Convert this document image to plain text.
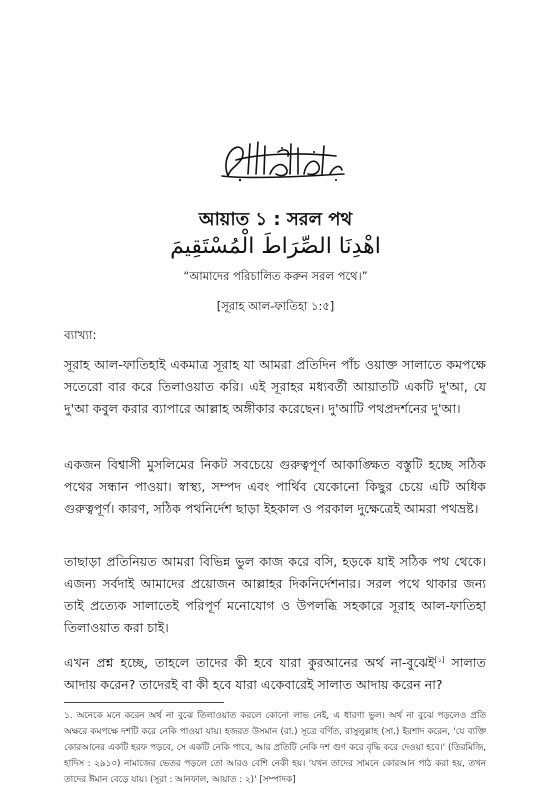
আয়াত ১ : সরল পথ
اهْدِنَا الصِّرَاطَ الْمُسْتَقِيمَ
“আমাদের পরিচালিত করুন সরল পথে।”
[সূরাহ আল-ফাতিহা ১:৫]
ব্যাখ্যা:
সূরাহ আল-ফাতিহাই একমাত্র সূরাহ যা আমরা প্রতিদিন পাঁচ ওয়াক্ত সালাতে কমপক্ষে সতেরো বার করে তিলাওয়াত করি। এই সূরাহর মধ্যবর্তী আয়াতটি একটি দু'আ, যে দু'আ কবুল করার ব্যাপারে আল্লাহ অঙ্গীকার করেছেন। দু'আটি পথপ্রদর্শনের দু'আ।
একজন বিশ্বাসী মুসলিমের নিকট সবচেয়ে গুরুত্বপূর্ণ আকাঙ্ক্ষিত বস্তুটি হচ্ছে সঠিক পথের সন্ধান পাওয়া। স্বাস্থ্য, সম্পদ এবং পার্থিব যেকোনো কিছুর চেয়ে এটি অধিক গুরুত্বপূর্ণ। কারণ, সঠিক পথনির্দেশ ছাড়া ইহকাল ও পরকাল দুক্ষেত্রেই আমরা পথভ্রষ্ট।
তাছাড়া প্রতিনিয়ত আমরা বিভিন্ন ভুল কাজ করে বসি, হড়কে যাই সঠিক পথ থেকে। এজন্য সর্বদাই আমাদের প্রয়োজন আল্লাহর দিকনির্দেশনার। সরল পথে থাকার জন্য তাই প্রত্যেক সালাতেই পরিপূর্ণ মনোযোগ ও উপলব্ধি সহকারে সূরাহ আল-ফাতিহা তিলাওয়াত করা চাই।
এখন প্রশ্ন হচ্ছে, তাহলে তাদের কী হবে যারা কুরআনের অর্থ না-বুঝেই[১] সালাত আদায় করেন? তাদেরই বা কী হবে যারা একেবারেই সালাত আদায় করেন না?
১. অনেকে মনে করেন অর্থ না বুঝে তিলাওয়াত করলে কোনো লাভ নেই, এ ধারণা ভুল। অর্থ না বুঝে পড়লেও প্রতি অক্ষরে কমপক্ষে দশটি করে নেকি পাওয়া যায়। হজরত উসমান (রা.) সূত্রে বর্ণিত, রাসুলুল্লাহ (সা.) ইরশাদ করেন, 'যে ব্যক্তি কোরআনের একটি হরফ পড়বে, সে একটি নেকি পাবে, আর প্রতিটি নেকি দশ গুণ করে বৃদ্ধি করে দেওয়া হবে।' (তিরমিজি, হাদিস : ২৯১০) নামাজের ভেতর পড়লে তো আরও বেশি নেকী হয়। 'যখন তাদের সামনে কোরআন পাঠ করা হয়, তখন তাদের ঈমান বেড়ে যায়। (সূরা : আনফাল, আয়াত : ২)' [সম্পাদক]
